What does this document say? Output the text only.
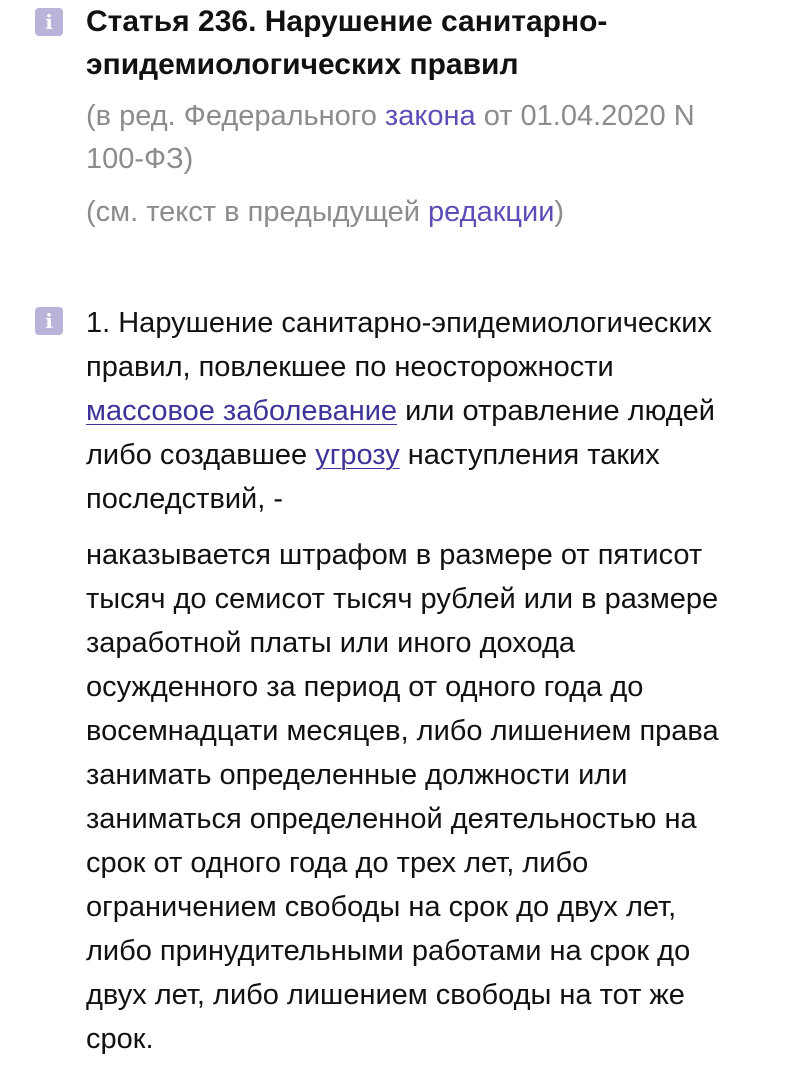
i	Статья 236. Нарушение санитарно-
эпидемиологических правил
(в ред. Федерального закона от 01.04.2020 N
100-ФЗ)
(см. текст в предыдущей редакции)
i	1. Нарушение санитарно-эпидемиологических
правил, повлекшее по неосторожности
массовое заболевание или отравление людей
либо создавшее угрозу наступления таких
последствий, -
наказывается штрафом в размере от пятисот
тысяч до семисот тысяч рублей или в размере
заработной платы или иного дохода
осужденного за период от одного года до
восемнадцати месяцев, либо лишением права
занимать определенные должности или
заниматься определенной деятельностью на
срок от одного года до трех лет, либо
ограничением свободы на срок до двух лет,
либо принудительными работами на срок до
двух лет, либо лишением свободы на тот же
срок.
